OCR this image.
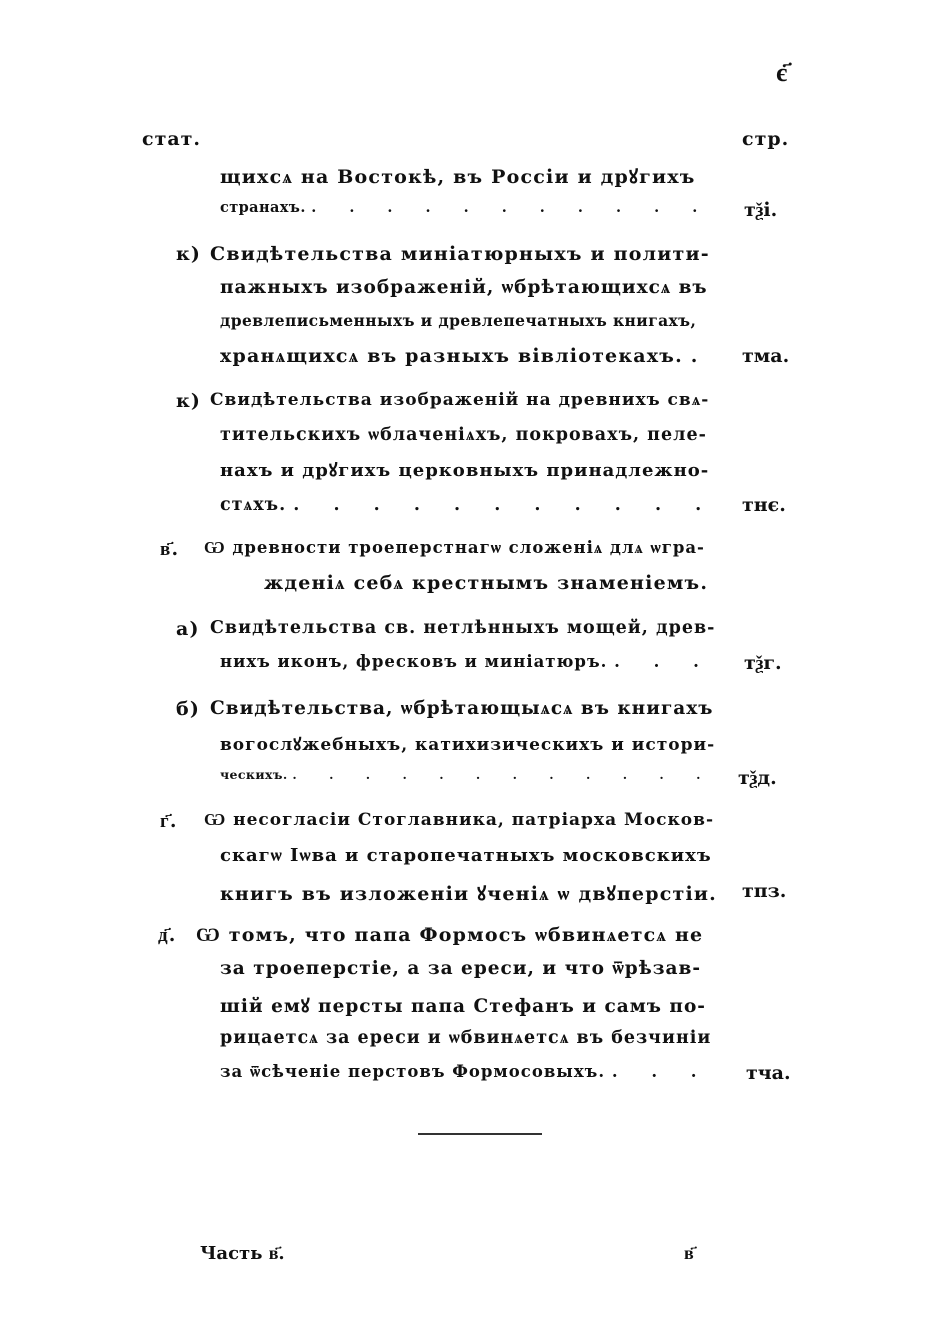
є҃
стат.	стр.
щихсѧ на Востокѣ, въ Россіи и дрꙋгихъ
странахъ. . . . . . . . . . . . тѯі.
к) Свидѣтельства миніатюрныхъ и полити-
пажныхъ изображеній, ѡбрѣтающихсѧ въ
древлеписьменныхъ и древлепечатныхъ книгахъ,
хранѧщихсѧ въ разныхъ вівліотекахъ. . тма.
к) Свидѣтельства изображеній на древнихъ свѧ-
тительскихъ ѡблаченіѧхъ, покровахъ, пеле-
нахъ и дрꙋгихъ церковныхъ принадлежно-
стѧхъ. . . . . . . . . . . . тнє.
в҃. Ѡ древности троеперстнагѡ сложеніѧ длѧ ѡгра-
жденіѧ себѧ крестнымъ знаменіемъ.
а) Свидѣтельства св. нетлѣнныхъ мощей, древ-
нихъ иконъ, фресковъ и миніатюръ. . . . тѯг.
б) Свидѣтельства, ѡбрѣтающыѧсѧ въ книгахъ
вогослꙋжебныхъ, катихизическихъ и истори-
ческихъ. . . . . . . . . . . . . тѯд.
г҃. Ѡ несогласіи Стоглавника, патріарха Москов-
скагѡ Іѡва и старопечатныхъ московскихъ
книгъ въ изложеніи ꙋченіѧ ѡ двꙋперстіи. тпз.
д҃. Ѡ томъ, что папа Формосъ ѡбвинѧетсѧ не
за троеперстіе, а за ереси, и что ѿрѣзав-
шій емꙋ персты папа Стефанъ и самъ по-
рицаетсѧ за ереси и ѡбвинѧетсѧ въ безчиніи
за ѿсѣченіе перстовъ Формосовыхъ. . . . тча.
Часть в҃.	в҃
